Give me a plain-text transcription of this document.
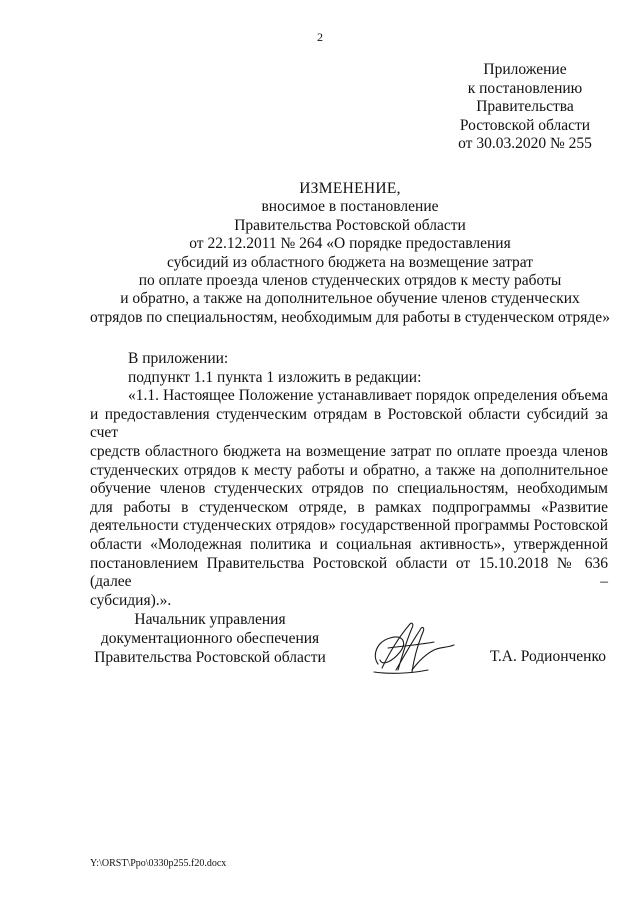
2
Приложение
к постановлению
Правительства
Ростовской области
от 30.03.2020 № 255
ИЗМЕНЕНИЕ,
вносимое в постановление
Правительства Ростовской области
от 22.12.2011 № 264 «О порядке предоставления
субсидий из областного бюджета на возмещение затрат
по оплате проезда членов студенческих отрядов к месту работы
и обратно, а также на дополнительное обучение членов студенческих
отрядов по специальностям, необходимым для работы в студенческом отряде»
В приложении:
подпункт 1.1 пункта 1 изложить в редакции:
«1.1. Настоящее Положение устанавливает порядок определения объема
и предоставления студенческим отрядам в Ростовской области субсидий за счет
средств областного бюджета на возмещение затрат по оплате проезда членов
студенческих отрядов к месту работы и обратно, а также на дополнительное
обучение членов студенческих отрядов по специальностям, необходимым
для работы в студенческом отряде, в рамках подпрограммы «Развитие
деятельности студенческих отрядов» государственной программы Ростовской
области «Молодежная политика и социальная активность», утвержденной
постановлением Правительства Ростовской области от 15.10.2018 № 636 (далее –
субсидия).».
Начальник управления
документационного обеспечения
Правительства Ростовской области	Т.А. Родионченко
Y:\ORST\Ppo\0330p255.f20.docx
